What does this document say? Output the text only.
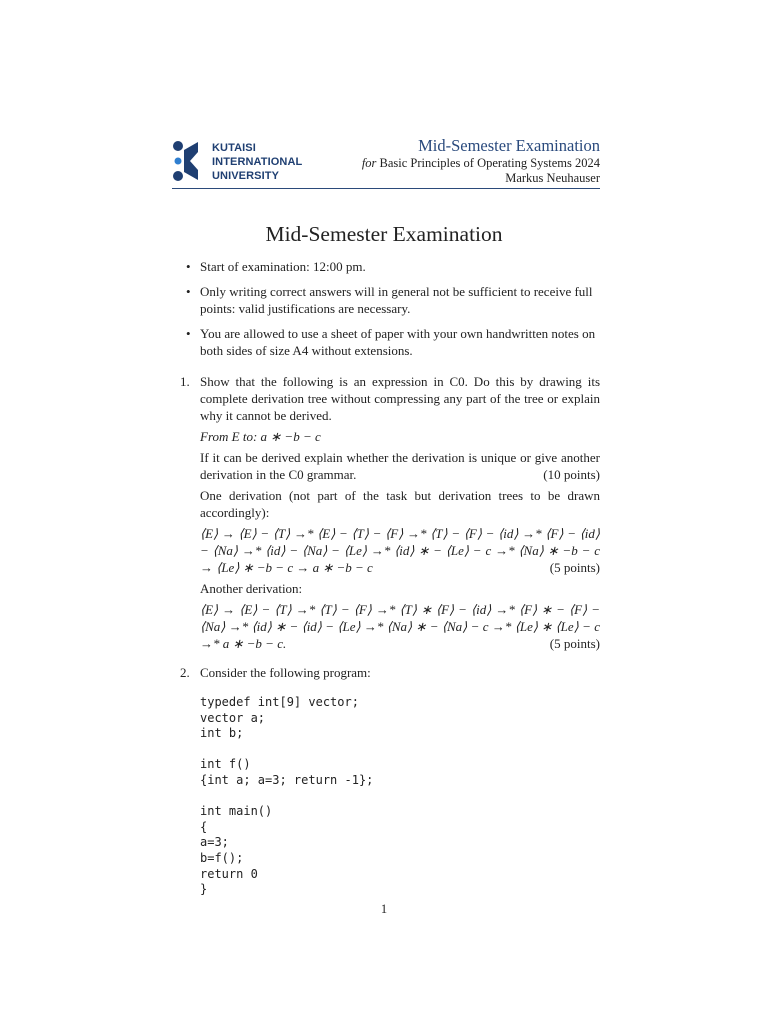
KUTAISI
INTERNATIONAL
UNIVERSITY
Mid-Semester Examination
for Basic Principles of Operating Systems 2024
Markus Neuhauser
Mid-Semester Examination
• Start of examination: 12:00 pm.
• Only writing correct answers will in general not be sufficient to receive full points: valid justifications are necessary.
• You are allowed to use a sheet of paper with your own handwritten notes on both sides of size A4 without extensions.
1. Show that the following is an expression in C0. Do this by drawing its complete derivation tree without compressing any part of the tree or explain why it cannot be derived.
From E to: a ∗ −b − c
If it can be derived explain whether the derivation is unique or give another derivation in the C0 grammar.	(10 points)
One derivation (not part of the task but derivation trees to be drawn accordingly):
⟨E⟩ → ⟨E⟩ − ⟨T⟩ →* ⟨E⟩ − ⟨T⟩ − ⟨F⟩ →* ⟨T⟩ − ⟨F⟩ − ⟨id⟩ →* ⟨F⟩ − ⟨id⟩ − ⟨Na⟩ →* ⟨id⟩ − ⟨Na⟩ − ⟨Le⟩ →* ⟨id⟩ ∗ − ⟨Le⟩ − c →* ⟨Na⟩ ∗ −b − c → ⟨Le⟩ ∗ −b − c → a ∗ −b − c	(5 points)
Another derivation:
⟨E⟩ → ⟨E⟩ − ⟨T⟩ →* ⟨T⟩ − ⟨F⟩ →* ⟨T⟩ ∗ ⟨F⟩ − ⟨id⟩ →* ⟨F⟩ ∗ − ⟨F⟩ − ⟨Na⟩ →* ⟨id⟩ ∗ − ⟨id⟩ − ⟨Le⟩ →* ⟨Na⟩ ∗ − ⟨Na⟩ − c →* ⟨Le⟩ ∗ ⟨Le⟩ − c →* a ∗ −b − c.	(5 points)
2. Consider the following program:
typedef int[9] vector;
vector a;
int b;

int f()
{int a; a=3; return -1};

int main()
{
a=3;
b=f();
return 0
}
1
